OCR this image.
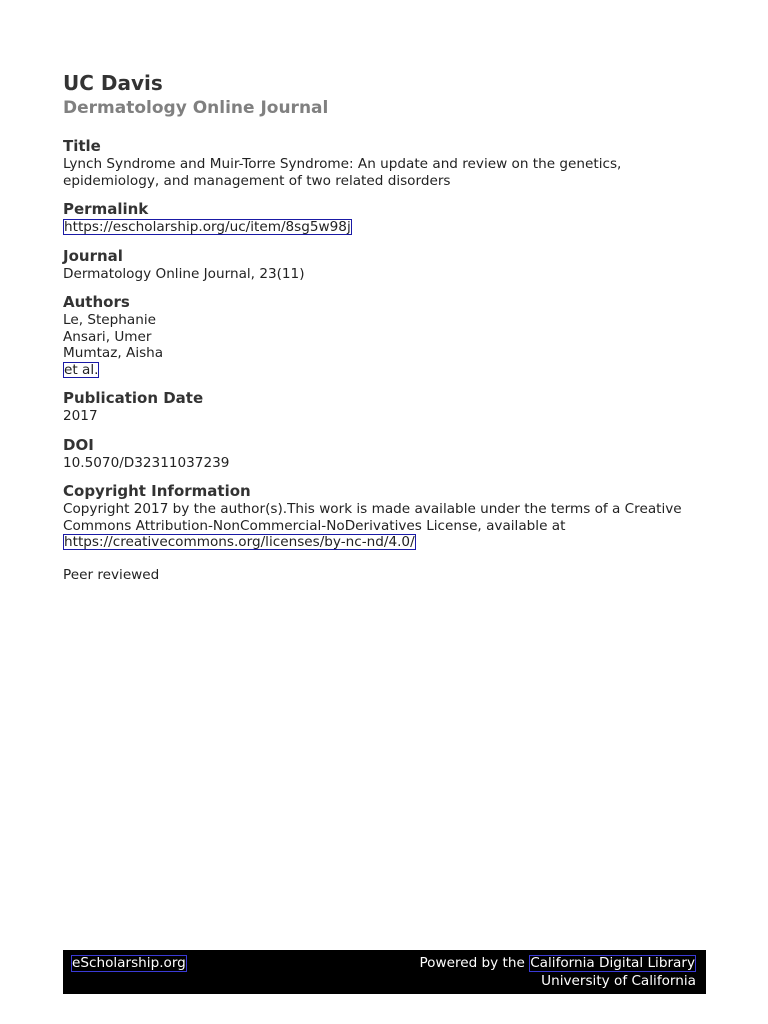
UC Davis
Dermatology Online Journal
Title
Lynch Syndrome and Muir-Torre Syndrome: An update and review on the genetics,
epidemiology, and management of two related disorders
Permalink
https://escholarship.org/uc/item/8sg5w98j
Journal
Dermatology Online Journal, 23(11)
Authors
Le, Stephanie
Ansari, Umer
Mumtaz, Aisha
et al.
Publication Date
2017
DOI
10.5070/D32311037239
Copyright Information
Copyright 2017 by the author(s).This work is made available under the terms of a Creative
Commons Attribution-NonCommercial-NoDerivatives License, available at
https://creativecommons.org/licenses/by-nc-nd/4.0/
Peer reviewed
eScholarship.org	Powered by the California Digital Library
University of California
